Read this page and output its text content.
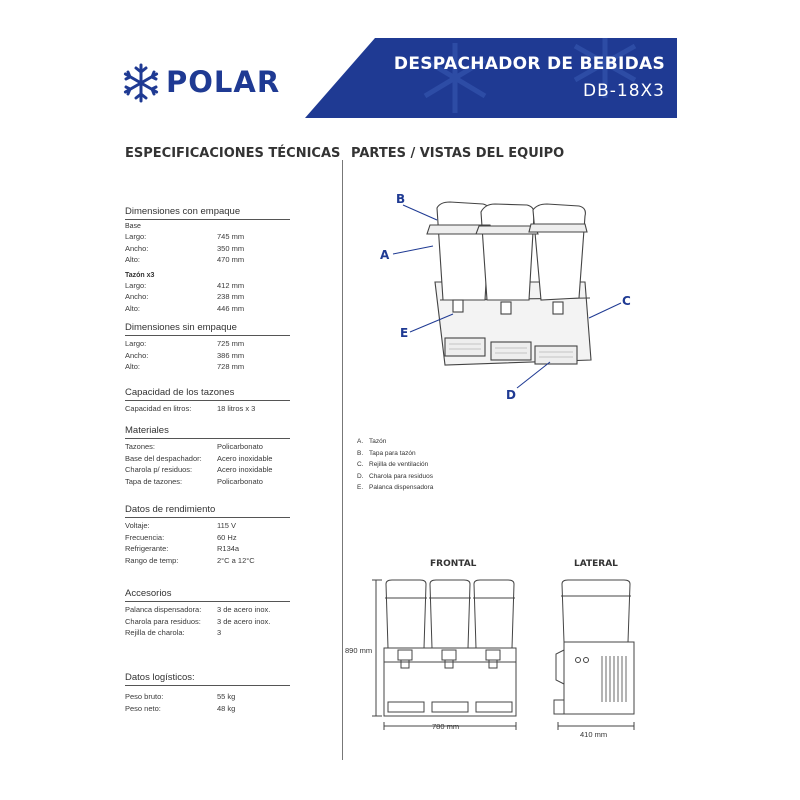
POLAR
DESPACHADOR DE BEBIDAS
DB-18X3
ESPECIFICACIONES TÉCNICAS PARTES / VISTAS DEL EQUIPO
Dimensiones con empaque
Base
Largo:	745 mm
Ancho:	350 mm
Alto:	470 mm
Tazón x3
Largo:	412 mm
Ancho:	238 mm
Alto:	446 mm
Dimensiones sin empaque
Largo:	725 mm
Ancho:	386 mm
Alto:	728 mm
Capacidad de los tazones
Capacidad en litros:	18 litros x 3
Materiales
Tazones:	Policarbonato
Base del despachador: Acero inoxidable
Charola p/ residuos:	Acero inoxidable
Tapa de tazones:	Policarbonato
Datos de rendimiento
Voltaje:	115 V
Frecuencia:	60 Hz
Refrigerante:	R134a
Rango de temp:	2°C a 12°C
Accesorios
Palanca dispensadora: 3 de acero inox.
Charola para residuos: 3 de acero inox.
Rejilla de charola:	3
Datos logísticos:
Peso bruto:	55 kg
Peso neto:	48 kg
B
A
C
E
D
A. Tazón
B. Tapa para tazón
C. Rejilla de ventilación
D. Charola para residuos
E. Palanca dispensadora
FRONTAL
890 mm
780 mm
LATERAL
410 mm
